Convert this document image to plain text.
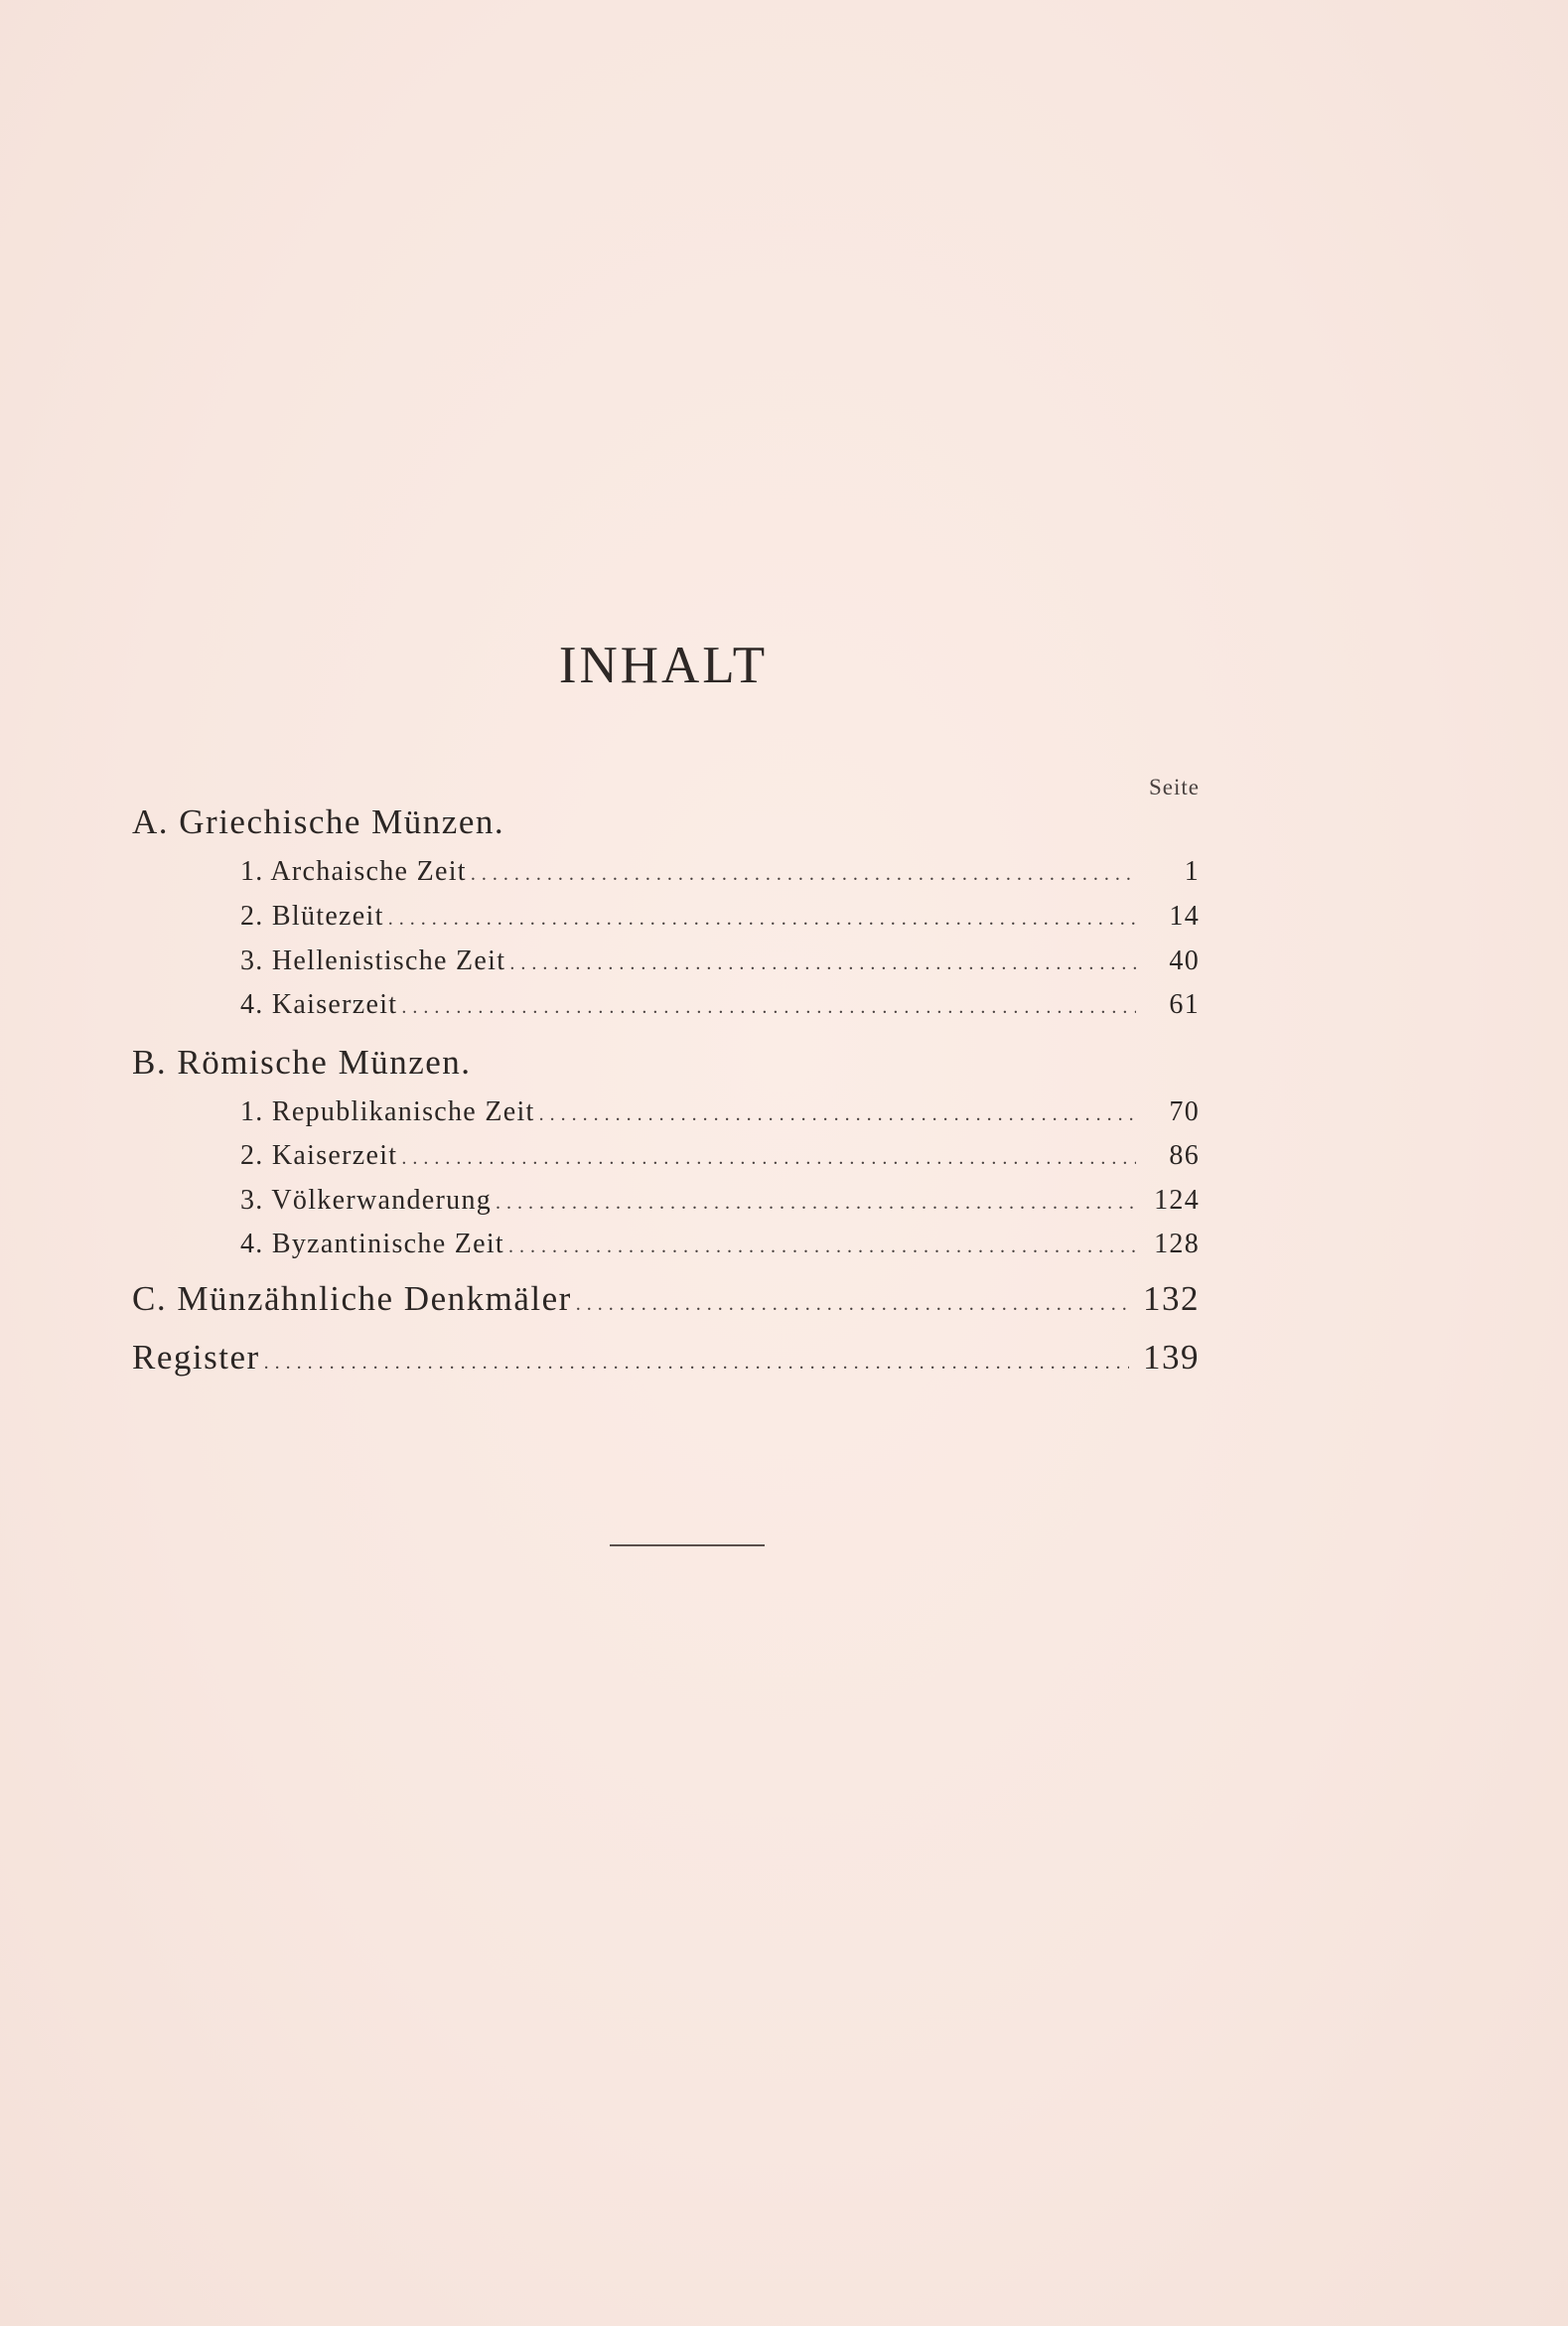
INHALT
Seite
A. Griechische Münzen.
1. Archaische Zeit . . .	1
2. Blütezeit . . .	14
3. Hellenistische Zeit . . .	40
4. Kaiserzeit . . .	61
B. Römische Münzen.
1. Republikanische Zeit . . .	70
2. Kaiserzeit . . .	86
3. Völkerwanderung . . .	124
4. Byzantinische Zeit . . .	128
C. Münzähnliche Denkmäler . . .	132
Register . . .	139
